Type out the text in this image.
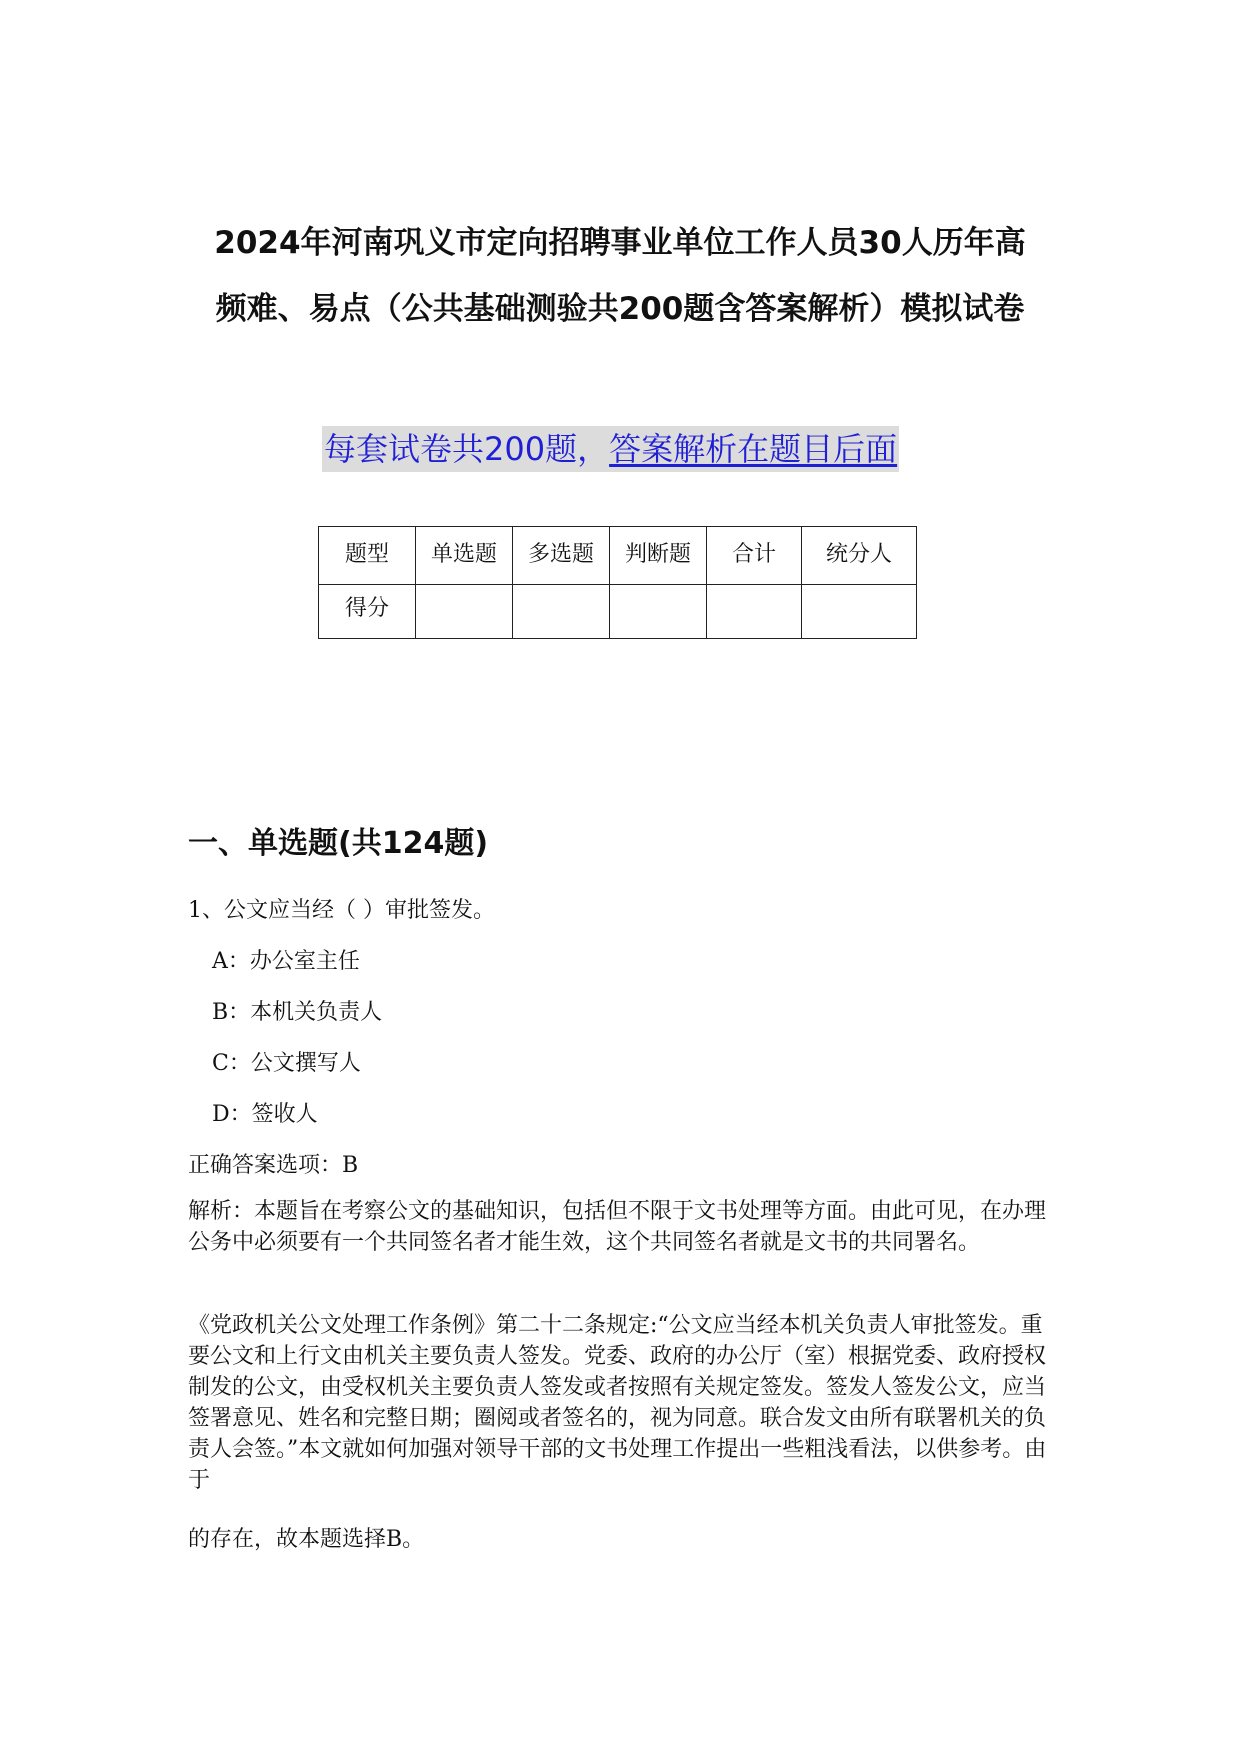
2024年河南巩义市定向招聘事业单位工作人员30人历年高
频难、易点（公共基础测验共200题含答案解析）模拟试卷
每套试卷共200题，答案解析在题目后面
题型	单选题	多选题	判断题	合计	统分人
得分					
一、单选题(共124题)
1、公文应当经（ ）审批签发。
A：办公室主任
B：本机关负责人
C：公文撰写人
D：签收人
正确答案选项：B

解析：本题旨在考察公文的基础知识，包括但不限于文书处理等方面。由此可见，在办理公务中必须要有一个共同签名者才能生效，这个共同签名者就是文书的共同署名。

《党政机关公文处理工作条例》第二十二条规定:“公文应当经本机关负责人审批签发。重要公文和上行文由机关主要负责人签发。党委、政府的办公厅（室）根据党委、政府授权制发的公文，由受权机关主要负责人签发或者按照有关规定签发。签发人签发公文，应当签署意见、姓名和完整日期；圈阅或者签名的，视为同意。联合发文由所有联署机关的负责人会签。”本文就如何加强对领导干部的文书处理工作提出一些粗浅看法，以供参考。由于

的存在，故本题选择B。
